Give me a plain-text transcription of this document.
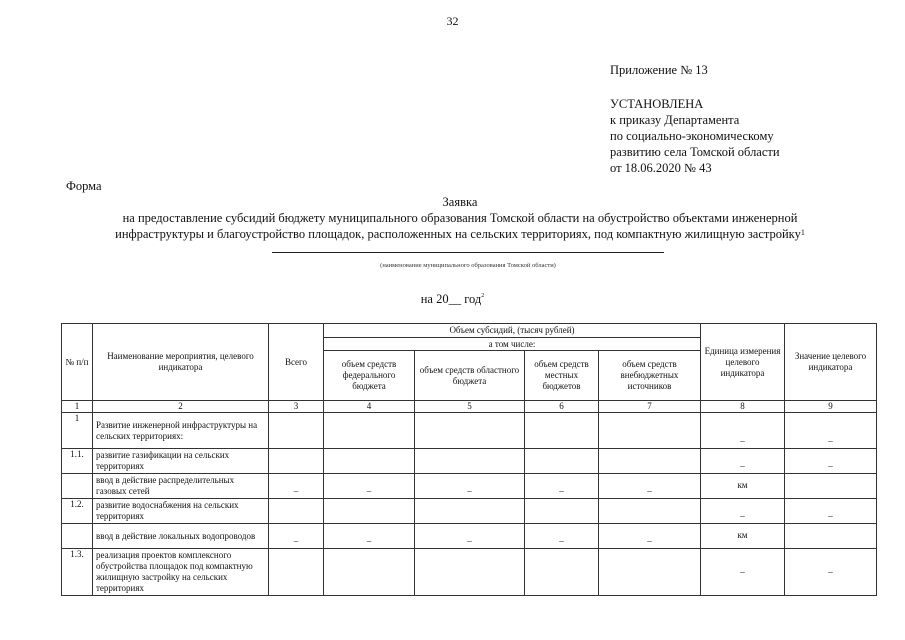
32
Приложение № 13
УСТАНОВЛЕНА
к приказу Департамента
по социально-экономическому
развитию села Томской области
от 18.06.2020 № 43
Форма
Заявка
на предоставление субсидий бюджету муниципального образования Томской области на обустройство объектами инженерной
инфраструктуры и благоустройство площадок, расположенных на сельских территориях, под компактную жилищную застройку$^1$
(наименование муниципального образования Томской области)
на 20__ год$^2$
№ п/п	Наименование мероприятия, целевого индикатора	Всего	Объем субсидий, (тысяч рублей)				Единица измерения целевого индикатора	Значение целевого индикатора
			а том числе:					
			объем средств федерального бюджета	объем средств областного бюджета	объем средств местных бюджетов	объем средств внебюджетных источников		
1	2	3	4	5	6	7	8	9
1	Развитие инженерной инфраструктуры на сельских территориях:						–	–
1.1.	развитие газификации на сельских территориях						–	–
	ввод в действие распределительных газовых сетей	–	–	–	–	–	км	
1.2.	развитие водоснабжения на сельских территориях						–	–
	ввод в действие локальных водопроводов	–	–	–	–	–	км	
1.3.	реализация проектов комплексного обустройства площадок под компактную жилищную застройку на сельских территориях						–	–
